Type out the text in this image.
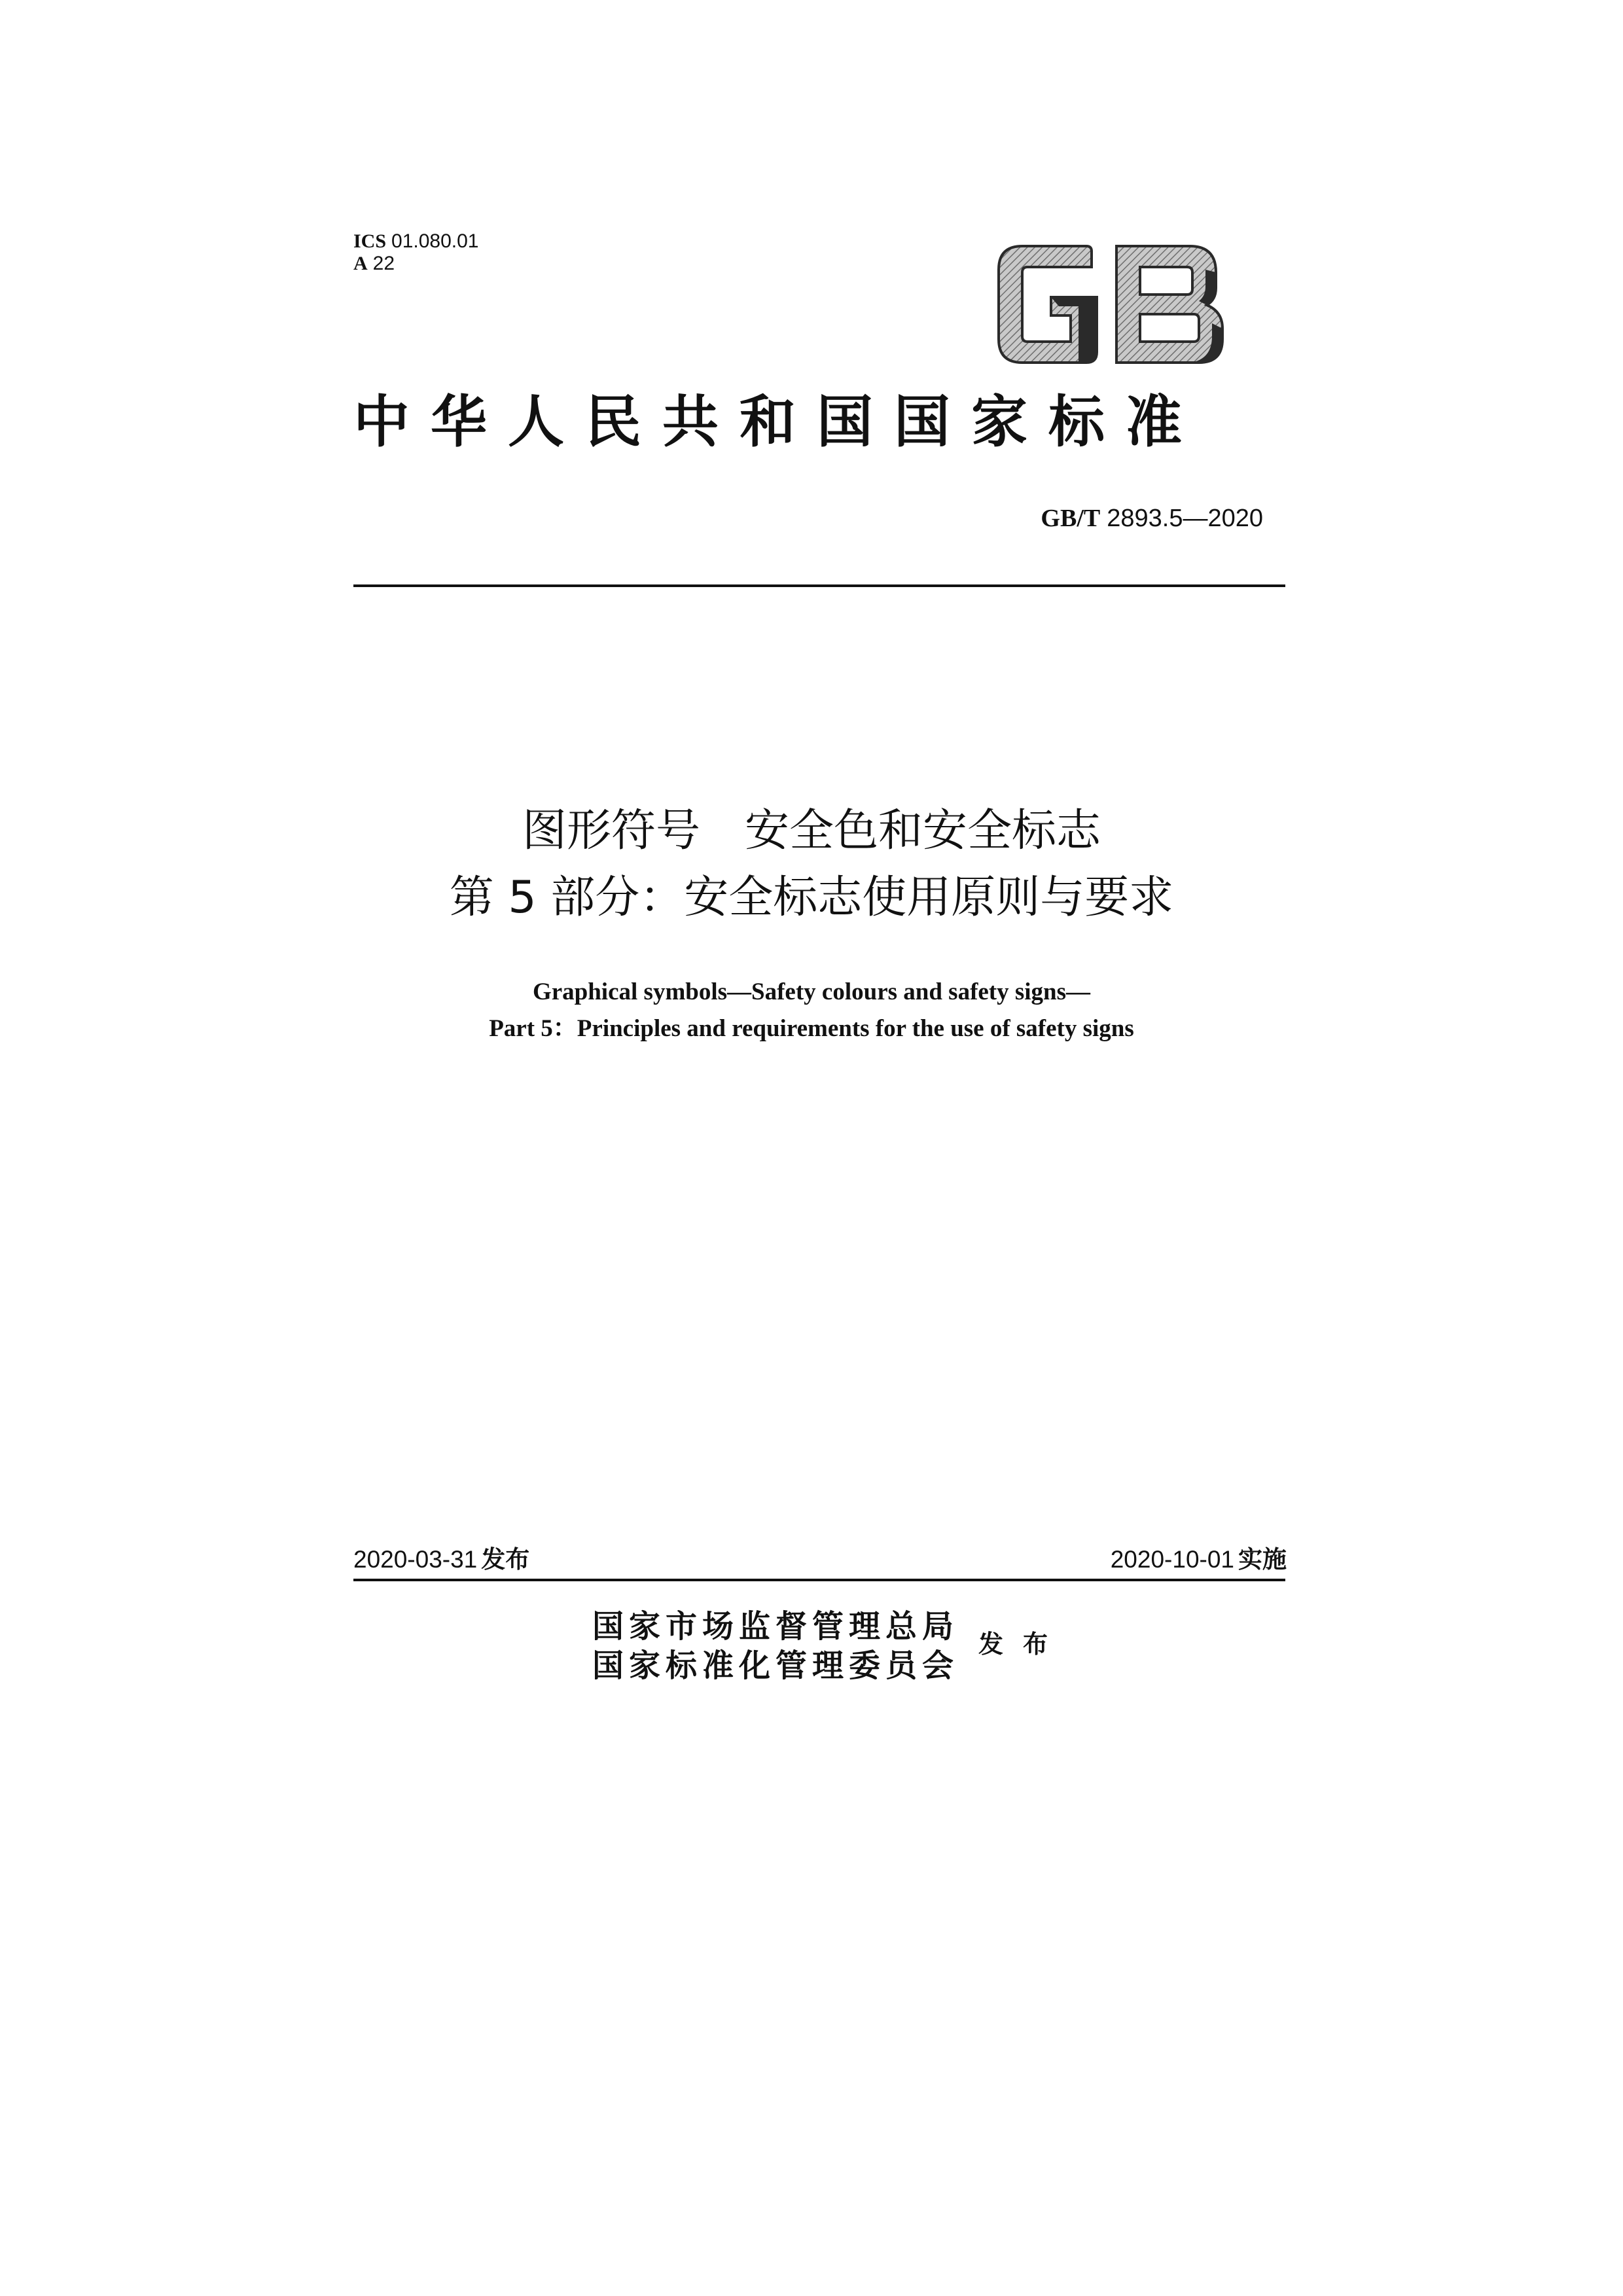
ICS 01.080.01
A 22
中华人民共和国国家标准
GB/T 2893.5—2020
图形符号　安全色和安全标志
第 5 部分：安全标志使用原则与要求
Graphical symbols—Safety colours and safety signs—
Part 5：Principles and requirements for the use of safety signs
2020-03-31 发布	2020-10-01 实施
国家市场监督管理总局
国家标准化管理委员会
发布
